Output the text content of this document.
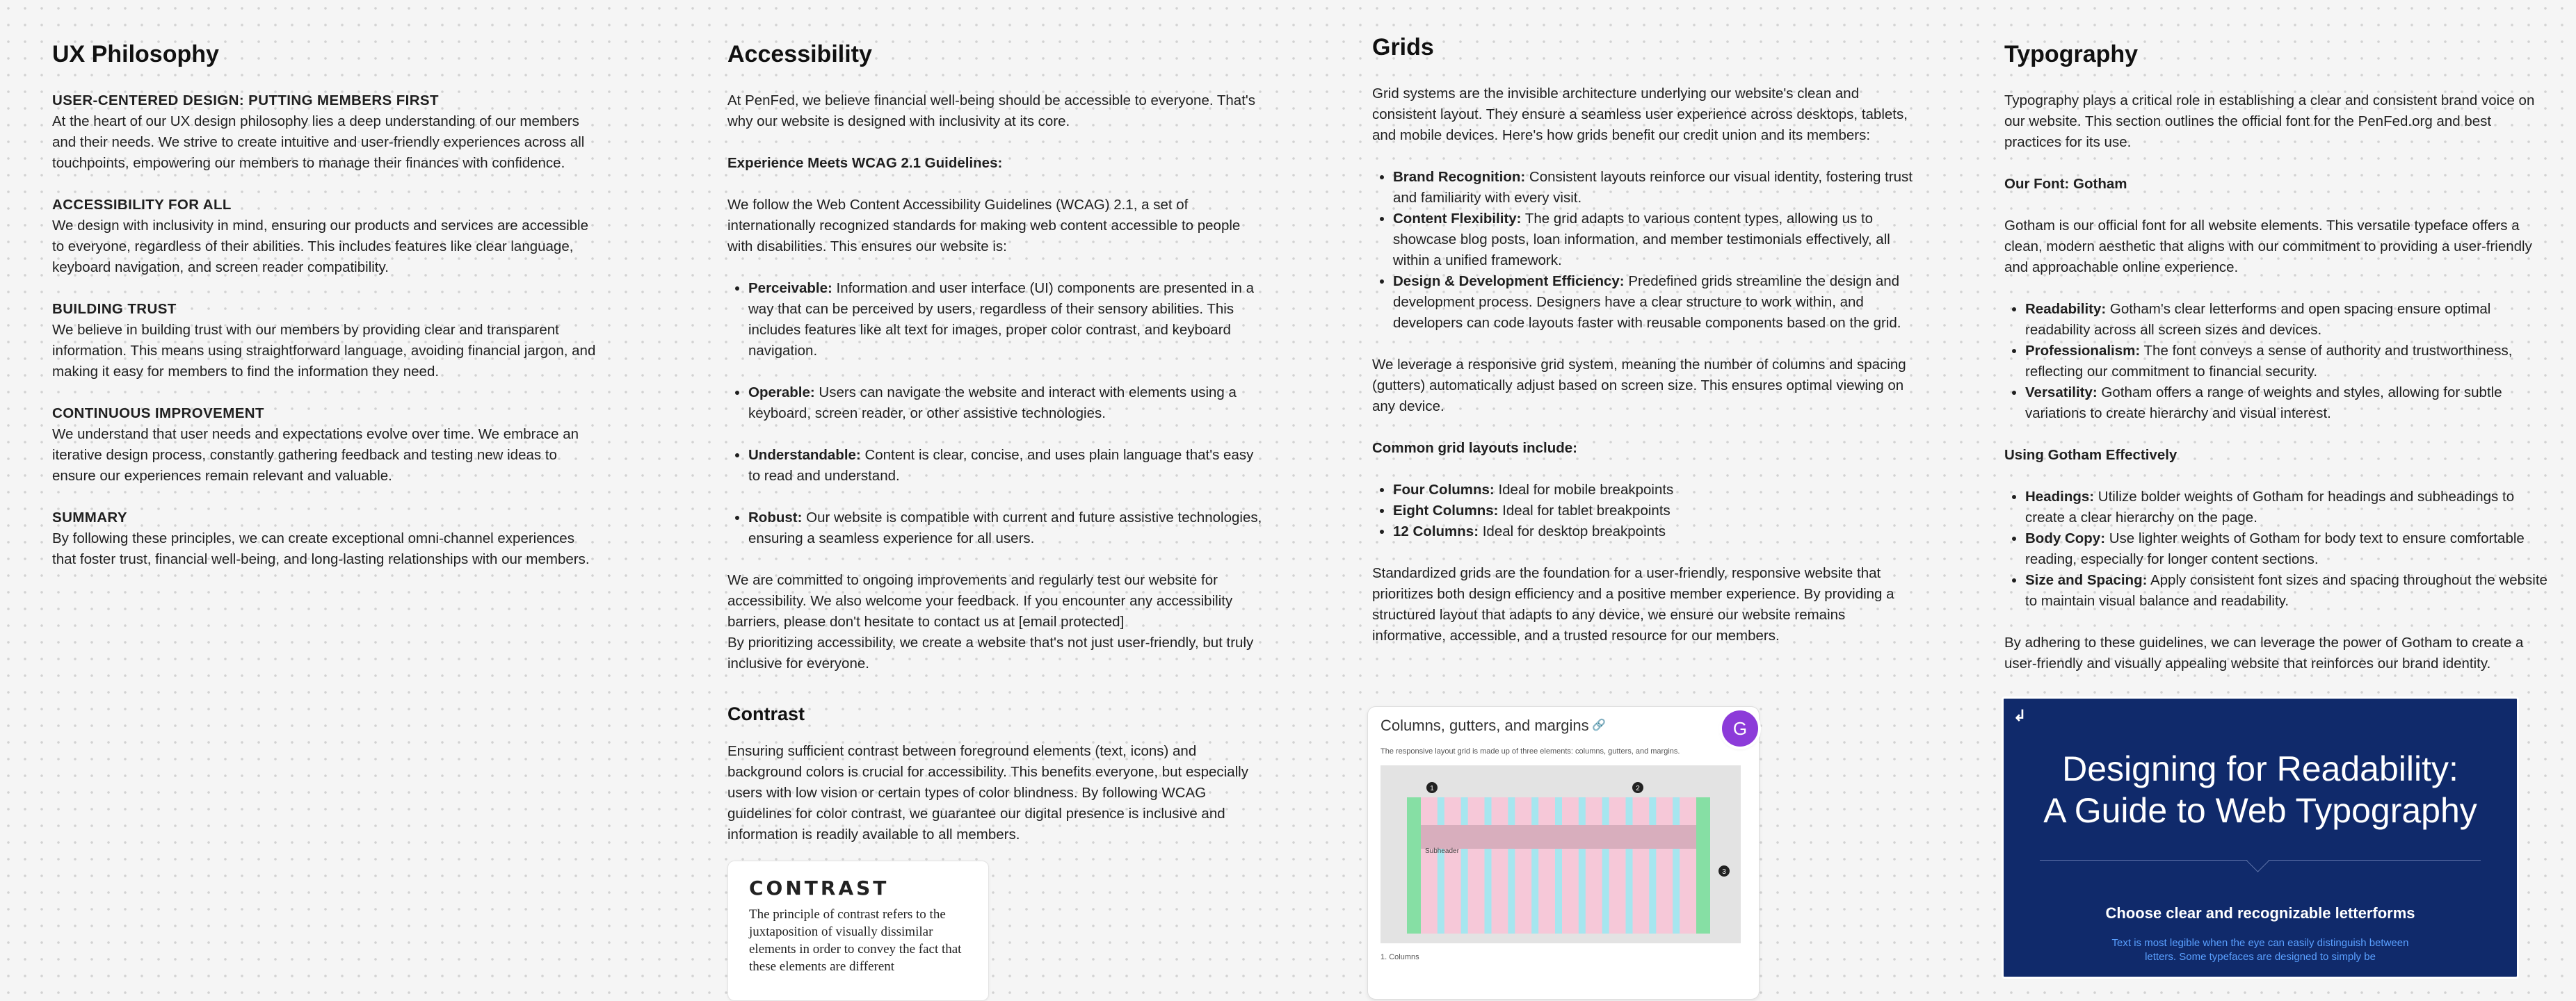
UX Philosophy
USER-CENTERED DESIGN: PUTTING MEMBERS FIRST

At the heart of our UX design philosophy lies a deep understanding of our members and their needs. We strive to create intuitive and user-friendly experiences across all touchpoints, empowering our members to manage their finances with confidence.

ACCESSIBILITY FOR ALL

We design with inclusivity in mind, ensuring our products and services are accessible to everyone, regardless of their abilities. This includes features like clear language, keyboard navigation, and screen reader compatibility.

BUILDING TRUST

We believe in building trust with our members by providing clear and transparent information. This means using straightforward language, avoiding financial jargon, and making it easy for members to find the information they need.

CONTINUOUS IMPROVEMENT

We understand that user needs and expectations evolve over time. We embrace an iterative design process, constantly gathering feedback and testing new ideas to ensure our experiences remain relevant and valuable.

SUMMARY

By following these principles, we can create exceptional omni-channel experiences that foster trust, financial well-being, and long-lasting relationships with our members.

Accessibility

At PenFed, we believe financial well-being should be accessible to everyone. That's why our website is designed with inclusivity at its core.

Experience Meets WCAG 2.1 Guidelines:

We follow the Web Content Accessibility Guidelines (WCAG) 2.1, a set of internationally recognized standards for making web content accessible to people with disabilities. This ensures our website is:

• Perceivable: Information and user interface (UI) components are presented in a way that can be perceived by users, regardless of their sensory abilities. This includes features like alt text for images, proper color contrast, and keyboard navigation.
• Operable: Users can navigate the website and interact with elements using a keyboard, screen reader, or other assistive technologies.
• Understandable: Content is clear, concise, and uses plain language that's easy to read and understand.
• Robust: Our website is compatible with current and future assistive technologies, ensuring a seamless experience for all users.

We are committed to ongoing improvements and regularly test our website for accessibility. We also welcome your feedback. If you encounter any accessibility barriers, please don't hesitate to contact us at [email protected]

By prioritizing accessibility, we create a website that's not just user-friendly, but truly inclusive for everyone.

Contrast

Ensuring sufficient contrast between foreground elements (text, icons) and background colors is crucial for accessibility. This benefits everyone, but especially users with low vision or certain types of color blindness. By following WCAG guidelines for color contrast, we guarantee our digital presence is inclusive and information is readily available to all members.

CONTRAST
The principle of contrast refers to the juxtaposition of visually dissimilar elements in order to convey the fact that these elements are different
Grids

Grid systems are the invisible architecture underlying our website's clean and consistent layout. They ensure a seamless user experience across desktops, tablets, and mobile devices. Here's how grids benefit our credit union and its members:

• Brand Recognition: Consistent layouts reinforce our visual identity, fostering trust and familiarity with every visit.
• Content Flexibility: The grid adapts to various content types, allowing us to showcase blog posts, loan information, and member testimonials effectively, all within a unified framework.
• Design & Development Efficiency: Predefined grids streamline the design and development process. Designers have a clear structure to work within, and developers can code layouts faster with reusable components based on the grid.

We leverage a responsive grid system, meaning the number of columns and spacing (gutters) automatically adjust based on screen size. This ensures optimal viewing on any device.

Common grid layouts include:

• Four Columns: Ideal for mobile breakpoints
• Eight Columns: Ideal for tablet breakpoints
• 12 Columns: Ideal for desktop breakpoints

Standardized grids are the foundation for a user-friendly, responsive website that prioritizes both design efficiency and a positive member experience. By providing a structured layout that adapts to any device, we ensure our website remains informative, accessible, and a trusted resource for our members.

Columns, gutters, and margins 🔗
The responsive layout grid is made up of three elements: columns, gutters, and margins.
Subheader
1	2
3
1. Columns
G
Typography

Typography plays a critical role in establishing a clear and consistent brand voice on our website. This section outlines the official font for the PenFed.org and best practices for its use.

Our Font: Gotham

Gotham is our official font for all website elements. This versatile typeface offers a clean, modern aesthetic that aligns with our commitment to providing a user-friendly and approachable online experience.

• Readability: Gotham's clear letterforms and open spacing ensure optimal readability across all screen sizes and devices.
• Professionalism: The font conveys a sense of authority and trustworthiness, reflecting our commitment to financial security.
• Versatility: Gotham offers a range of weights and styles, allowing for subtle variations to create hierarchy and visual interest.

Using Gotham Effectively

• Headings: Utilize bolder weights of Gotham for headings and subheadings to create a clear hierarchy on the page.
• Body Copy: Use lighter weights of Gotham for body text to ensure comfortable reading, especially for longer content sections.
• Size and Spacing: Apply consistent font sizes and spacing throughout the website to maintain visual balance and readability.

By adhering to these guidelines, we can leverage the power of Gotham to create a user-friendly and visually appealing website that reinforces our brand identity.

↲
Designing for Readability:
A Guide to Web Typography
Choose clear and recognizable letterforms
Text is most legible when the eye can easily distinguish between letters. Some typefaces are designed to simply be
